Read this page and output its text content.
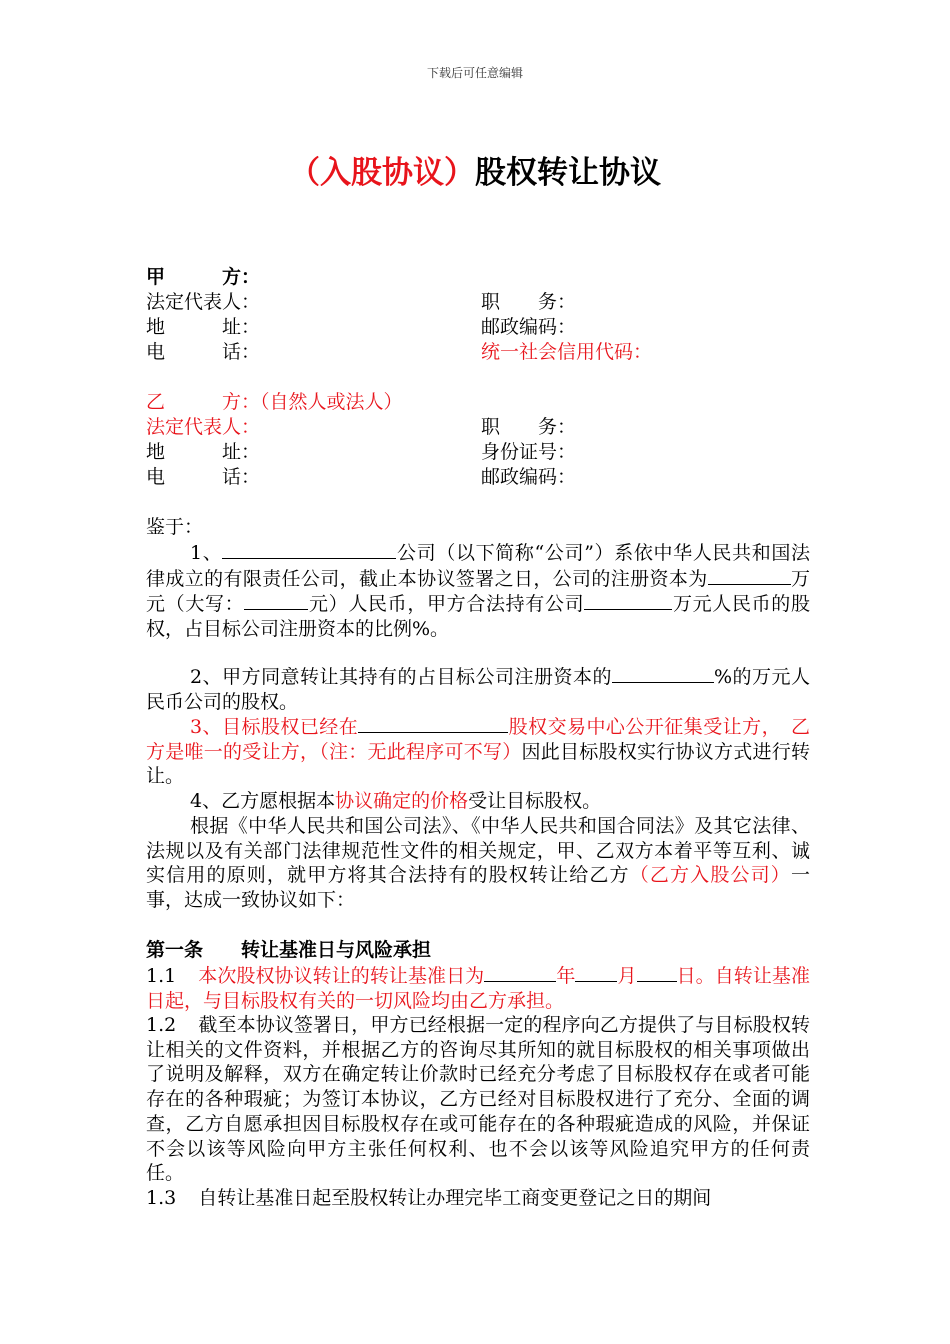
下载后可任意编辑
（入股协议）股权转让协议
甲　　　方：
法定代表人：	职　　务：
地　　　址：	邮政编码：
电　　　话：	统一社会信用代码：
乙　　　方：（自然人或法人）
法定代表人：	职　　务：
地　　　址：	身份证号：
电　　　话：	邮政编码：
鉴于：
1、	公司（以下简称“公司”）系依中华人民共和国法律成立的有限责任公司，截止本协议签署之日，公司的注册资本为	万元（大写：	元）人民币，甲方合法持有公司	万元人民币的股权，占目标公司注册资本的比例%。
2、甲方同意转让其持有的占目标公司注册资本的	%的万元人民币公司的股权。
3、目标股权已经在	股权交易中心公开征集受让方，　乙方是唯一的受让方，（注：无此程序可不写）因此目标股权实行协议方式进行转让。
4、乙方愿根据本协议确定的价格受让目标股权。
根据《中华人民共和国公司法》、《中华人民共和国合同法》及其它法律、法规以及有关部门法律规范性文件的相关规定，甲、乙双方本着平等互利、诚实信用的原则，就甲方将其合法持有的股权转让给乙方（乙方入股公司）一事，达成一致协议如下：
第一条　　转让基准日与风险承担
1.1 本次股权协议转让的转让基准日为	年 月 日。自转让基准日起，与目标股权有关的一切风险均由乙方承担。
1.2 截至本协议签署日，甲方已经根据一定的程序向乙方提供了与目标股权转让相关的文件资料，并根据乙方的咨询尽其所知的就目标股权的相关事项做出了说明及解释，双方在确定转让价款时已经充分考虑了目标股权存在或者可能存在的各种瑕疵；为签订本协议，乙方已经对目标股权进行了充分、全面的调查，乙方自愿承担因目标股权存在或可能存在的各种瑕疵造成的风险，并保证不会以该等风险向甲方主张任何权利、也不会以该等风险追究甲方的任何责任。
1.3 自转让基准日起至股权转让办理完毕工商变更登记之日的期间
